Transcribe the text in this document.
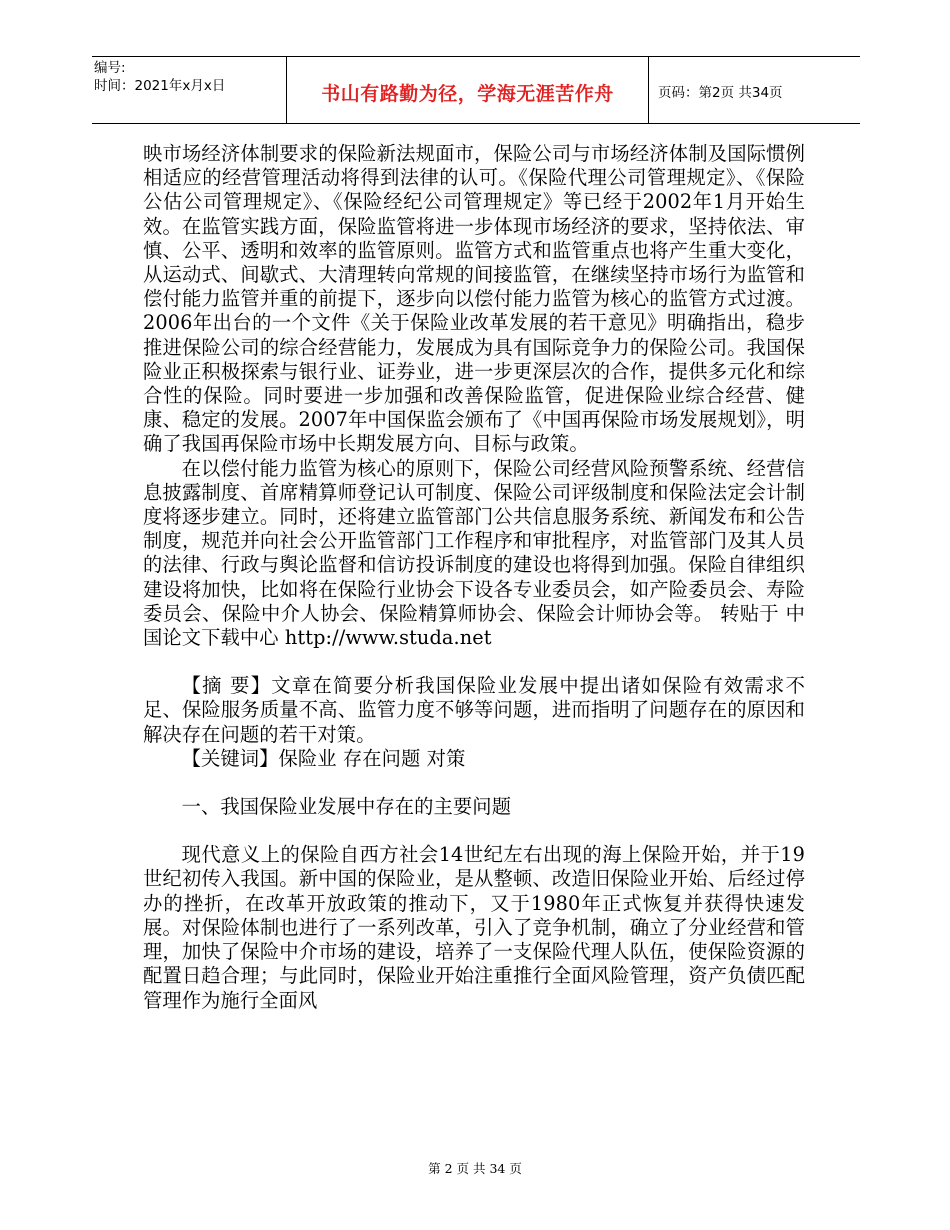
编号:
时间：2021年x月x日	书山有路勤为径，学海无涯苦作舟	页码：第2页 共34页

映市场经济体制要求的保险新法规面市，保险公司与市场经济体制及国际惯例相适应的经营管理活动将得到法律的认可。《保险代理公司管理规定》、《保险公估公司管理规定》、《保险经纪公司管理规定》等已经于2002年1月开始生效。在监管实践方面，保险监管将进一步体现市场经济的要求，坚持依法、审慎、公平、透明和效率的监管原则。监管方式和监管重点也将产生重大变化，从运动式、间歇式、大清理转向常规的间接监管，在继续坚持市场行为监管和偿付能力监管并重的前提下，逐步向以偿付能力监管为核心的监管方式过渡。2006年出台的一个文件《关于保险业改革发展的若干意见》明确指出，稳步推进保险公司的综合经营能力，发展成为具有国际竞争力的保险公司。我国保险业正积极探索与银行业、证券业，进一步更深层次的合作，提供多元化和综合性的保险。同时要进一步加强和改善保险监管，促进保险业综合经营、健康、稳定的发展。2007年中国保监会颁布了《中国再保险市场发展规划》，明确了我国再保险市场中长期发展方向、目标与政策。

在以偿付能力监管为核心的原则下，保险公司经营风险预警系统、经营信息披露制度、首席精算师登记认可制度、保险公司评级制度和保险法定会计制度将逐步建立。同时，还将建立监管部门公共信息服务系统、新闻发布和公告制度，规范并向社会公开监管部门工作程序和审批程序，对监管部门及其人员的法律、行政与舆论监督和信访投诉制度的建设也将得到加强。保险自律组织建设将加快，比如将在保险行业协会下设各专业委员会，如产险委员会、寿险委员会、保险中介人协会、保险精算师协会、保险会计师协会等。 转贴于 中国论文下载中心 http://www.studa.net

【摘 要】文章在简要分析我国保险业发展中提出诸如保险有效需求不足、保险服务质量不高、监管力度不够等问题，进而指明了问题存在的原因和解决存在问题的若干对策。

【关键词】保险业 存在问题 对策

一、我国保险业发展中存在的主要问题

现代意义上的保险自西方社会14世纪左右出现的海上保险开始，并于19世纪初传入我国。新中国的保险业，是从整顿、改造旧保险业开始、后经过停办的挫折，在改革开放政策的推动下，又于1980年正式恢复并获得快速发展。对保险体制也进行了一系列改革，引入了竞争机制，确立了分业经营和管理，加快了保险中介市场的建设，培养了一支保险代理人队伍，使保险资源的配置日趋合理；与此同时，保险业开始注重推行全面风险管理，资产负债匹配管理作为施行全面风

第 2 页 共 34 页
